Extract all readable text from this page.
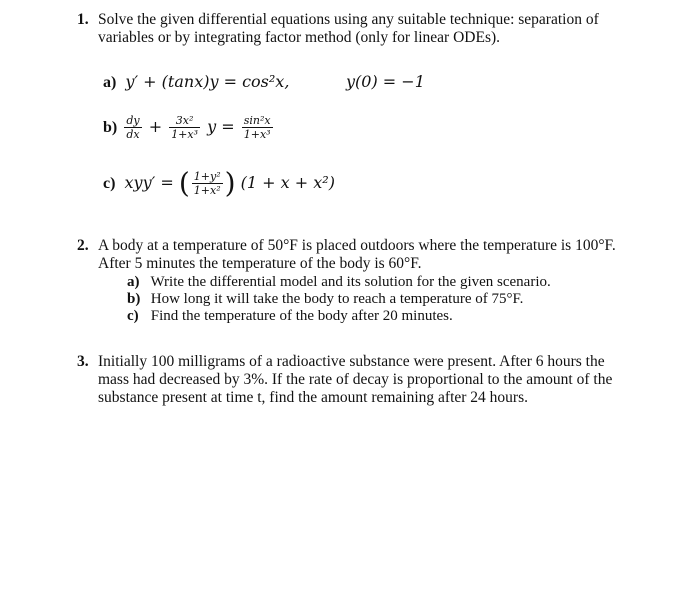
1. Solve the given differential equations using any suitable technique: separation of
variables or by integrating factor method (only for linear ODEs).
a) y′ + (tanx)y = cos²x,	y(0) = −1
$b) \frac{dy}{dx} + \frac{\text{3x²}}{\text{1+x³}}$ $y = \frac{\text{sin²x}}{\text{1+x³}}$
c) xyy′ = ( $\frac{\text{1+y²}}{\text{1+x²}}$ ) (1 + x + x²)
2. A body at a temperature of 50°F is placed outdoors where the temperature is 100°F.
After 5 minutes the temperature of the body is 60°F.
a) Write the differential model and its solution for the given scenario.
b) How long it will take the body to reach a temperature of 75°F.
c) Find the temperature of the body after 20 minutes.
3. Initially 100 milligrams of a radioactive substance were present. After 6 hours the
mass had decreased by 3%. If the rate of decay is proportional to the amount of the
substance present at time t, find the amount remaining after 24 hours.
